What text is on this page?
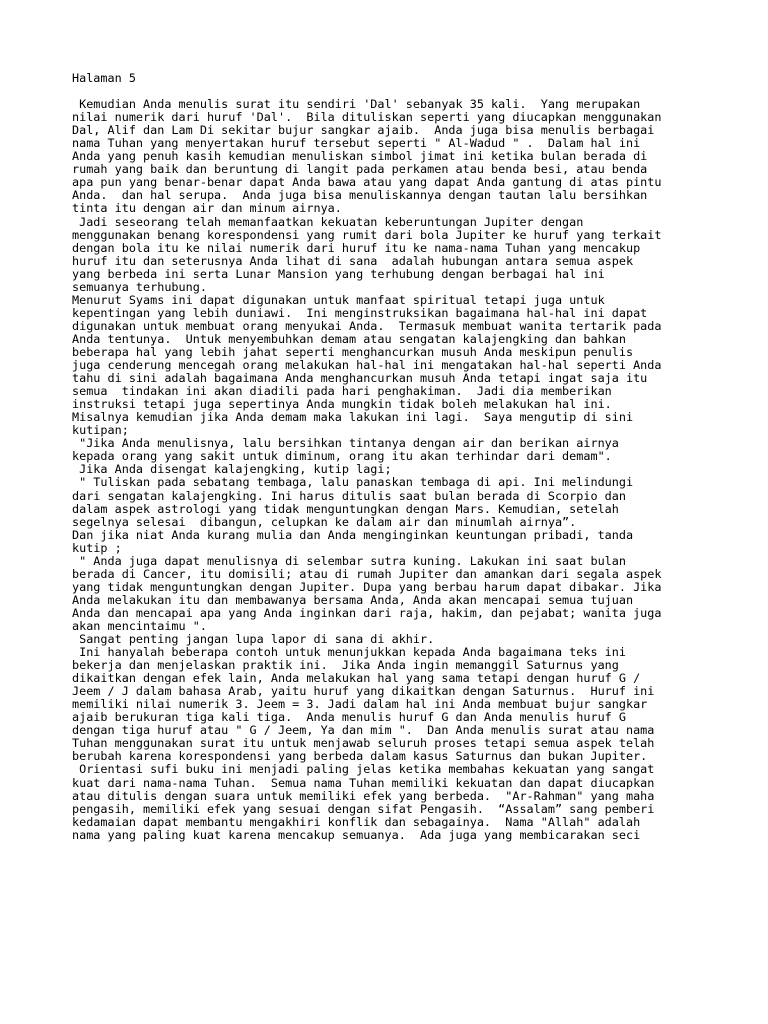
Halaman 5
Kemudian Anda menulis surat itu sendiri 'Dal' sebanyak 35 kali.  Yang merupakan
nilai numerik dari huruf 'Dal'.  Bila dituliskan seperti yang diucapkan menggunakan
Dal, Alif dan Lam Di sekitar bujur sangkar ajaib.  Anda juga bisa menulis berbagai
nama Tuhan yang menyertakan huruf tersebut seperti " Al-Wadud " .  Dalam hal ini
Anda yang penuh kasih kemudian menuliskan simbol jimat ini ketika bulan berada di
rumah yang baik dan beruntung di langit pada perkamen atau benda besi, atau benda
apa pun yang benar-benar dapat Anda bawa atau yang dapat Anda gantung di atas pintu
Anda.  dan hal serupa.  Anda juga bisa menuliskannya dengan tautan lalu bersihkan
tinta itu dengan air dan minum airnya.
Jadi seseorang telah memanfaatkan kekuatan keberuntungan Jupiter dengan
menggunakan benang korespondensi yang rumit dari bola Jupiter ke huruf yang terkait
dengan bola itu ke nilai numerik dari huruf itu ke nama-nama Tuhan yang mencakup
huruf itu dan seterusnya Anda lihat di sana  adalah hubungan antara semua aspek
yang berbeda ini serta Lunar Mansion yang terhubung dengan berbagai hal ini
semuanya terhubung.
Menurut Syams ini dapat digunakan untuk manfaat spiritual tetapi juga untuk
kepentingan yang lebih duniawi.  Ini menginstruksikan bagaimana hal-hal ini dapat
digunakan untuk membuat orang menyukai Anda.  Termasuk membuat wanita tertarik pada
Anda tentunya.  Untuk menyembuhkan demam atau sengatan kalajengking dan bahkan
beberapa hal yang lebih jahat seperti menghancurkan musuh Anda meskipun penulis
juga cenderung mencegah orang melakukan hal-hal ini mengatakan hal-hal seperti Anda
tahu di sini adalah bagaimana Anda menghancurkan musuh Anda tetapi ingat saja itu
semua  tindakan ini akan diadili pada hari penghakiman.  Jadi dia memberikan
instruksi tetapi juga sepertinya Anda mungkin tidak boleh melakukan hal ini.
Misalnya kemudian jika Anda demam maka lakukan ini lagi.  Saya mengutip di sini
kutipan;
"Jika Anda menulisnya, lalu bersihkan tintanya dengan air dan berikan airnya
kepada orang yang sakit untuk diminum, orang itu akan terhindar dari demam".
Jika Anda disengat kalajengking, kutip lagi;
" Tuliskan pada sebatang tembaga, lalu panaskan tembaga di api. Ini melindungi
dari sengatan kalajengking. Ini harus ditulis saat bulan berada di Scorpio dan
dalam aspek astrologi yang tidak menguntungkan dengan Mars. Kemudian, setelah
segelnya selesai  dibangun, celupkan ke dalam air dan minumlah airnya”.
Dan jika niat Anda kurang mulia dan Anda menginginkan keuntungan pribadi, tanda
kutip ;
" Anda juga dapat menulisnya di selembar sutra kuning. Lakukan ini saat bulan
berada di Cancer, itu domisili; atau di rumah Jupiter dan amankan dari segala aspek
yang tidak menguntungkan dengan Jupiter. Dupa yang berbau harum dapat dibakar. Jika
Anda melakukan itu dan membawanya bersama Anda, Anda akan mencapai semua tujuan
Anda dan mencapai apa yang Anda inginkan dari raja, hakim, dan pejabat; wanita juga
akan mencintaimu ".
Sangat penting jangan lupa lapor di sana di akhir.
Ini hanyalah beberapa contoh untuk menunjukkan kepada Anda bagaimana teks ini
bekerja dan menjelaskan praktik ini.  Jika Anda ingin memanggil Saturnus yang
dikaitkan dengan efek lain, Anda melakukan hal yang sama tetapi dengan huruf G /
Jeem / J dalam bahasa Arab, yaitu huruf yang dikaitkan dengan Saturnus.  Huruf ini
memiliki nilai numerik 3. Jeem = 3. Jadi dalam hal ini Anda membuat bujur sangkar
ajaib berukuran tiga kali tiga.  Anda menulis huruf G dan Anda menulis huruf G
dengan tiga huruf atau " G / Jeem, Ya dan mim ".  Dan Anda menulis surat atau nama
Tuhan menggunakan surat itu untuk menjawab seluruh proses tetapi semua aspek telah
berubah karena korespondensi yang berbeda dalam kasus Saturnus dan bukan Jupiter.
Orientasi sufi buku ini menjadi paling jelas ketika membahas kekuatan yang sangat
kuat dari nama-nama Tuhan.  Semua nama Tuhan memiliki kekuatan dan dapat diucapkan
atau ditulis dengan suara untuk memiliki efek yang berbeda.  "Ar-Rahman" yang maha
pengasih, memiliki efek yang sesuai dengan sifat Pengasih.  “Assalam” sang pemberi
kedamaian dapat membantu mengakhiri konflik dan sebagainya.  Nama "Allah" adalah
nama yang paling kuat karena mencakup semuanya.  Ada juga yang membicarakan seci
